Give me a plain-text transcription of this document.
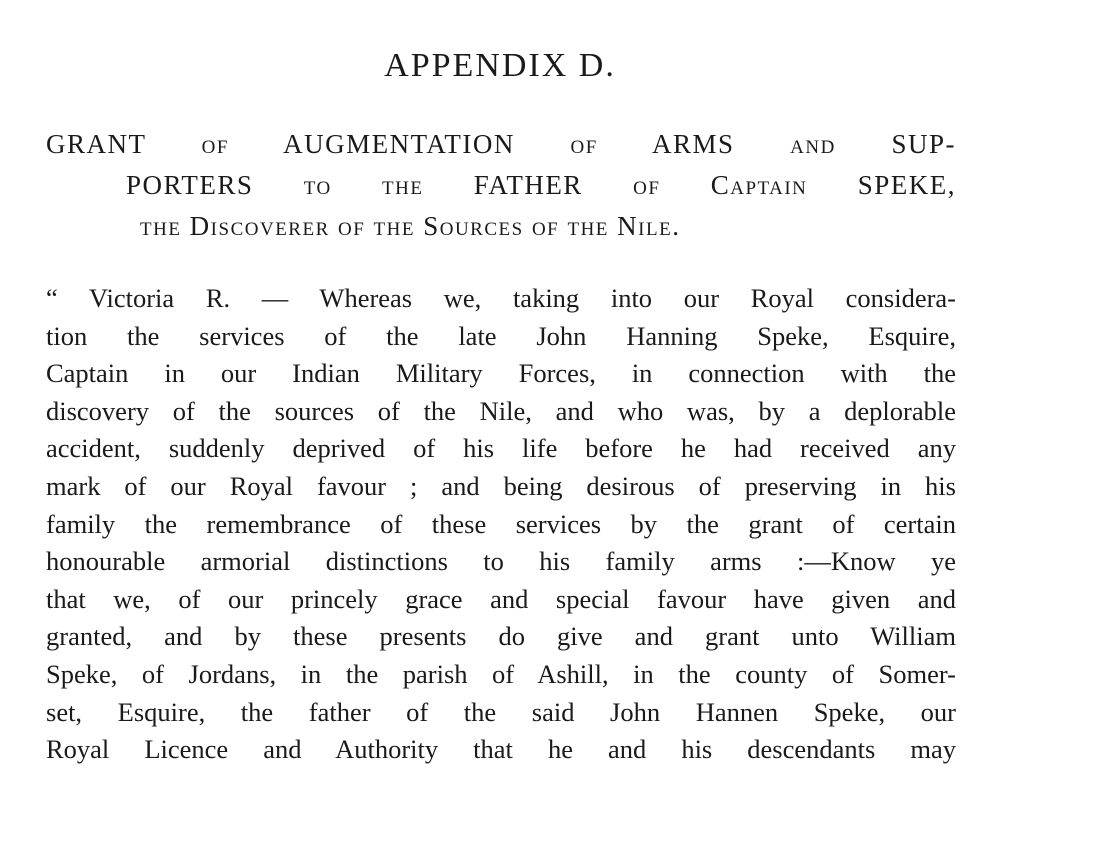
APPENDIX D.
GRANT of AUGMENTATION of ARMS and SUP-
PORTERS to the FATHER of Captain SPEKE,
the Discoverer of the Sources of the Nile.

“ Victoria R. — Whereas we, taking into our Royal considera-
tion the services of the late John Hanning Speke, Esquire,
Captain in our Indian Military Forces, in connection with the
discovery of the sources of the Nile, and who was, by a deplorable
accident, suddenly deprived of his life before he had received any
mark of our Royal favour ; and being desirous of preserving in his
family the remembrance of these services by the grant of certain
honourable armorial distinctions to his family arms :—Know ye
that we, of our princely grace and special favour have given and
granted, and by these presents do give and grant unto William
Speke, of Jordans, in the parish of Ashill, in the county of Somer-
set, Esquire, the father of the said John Hannen Speke, our
Royal Licence and Authority that he and his descendants may
